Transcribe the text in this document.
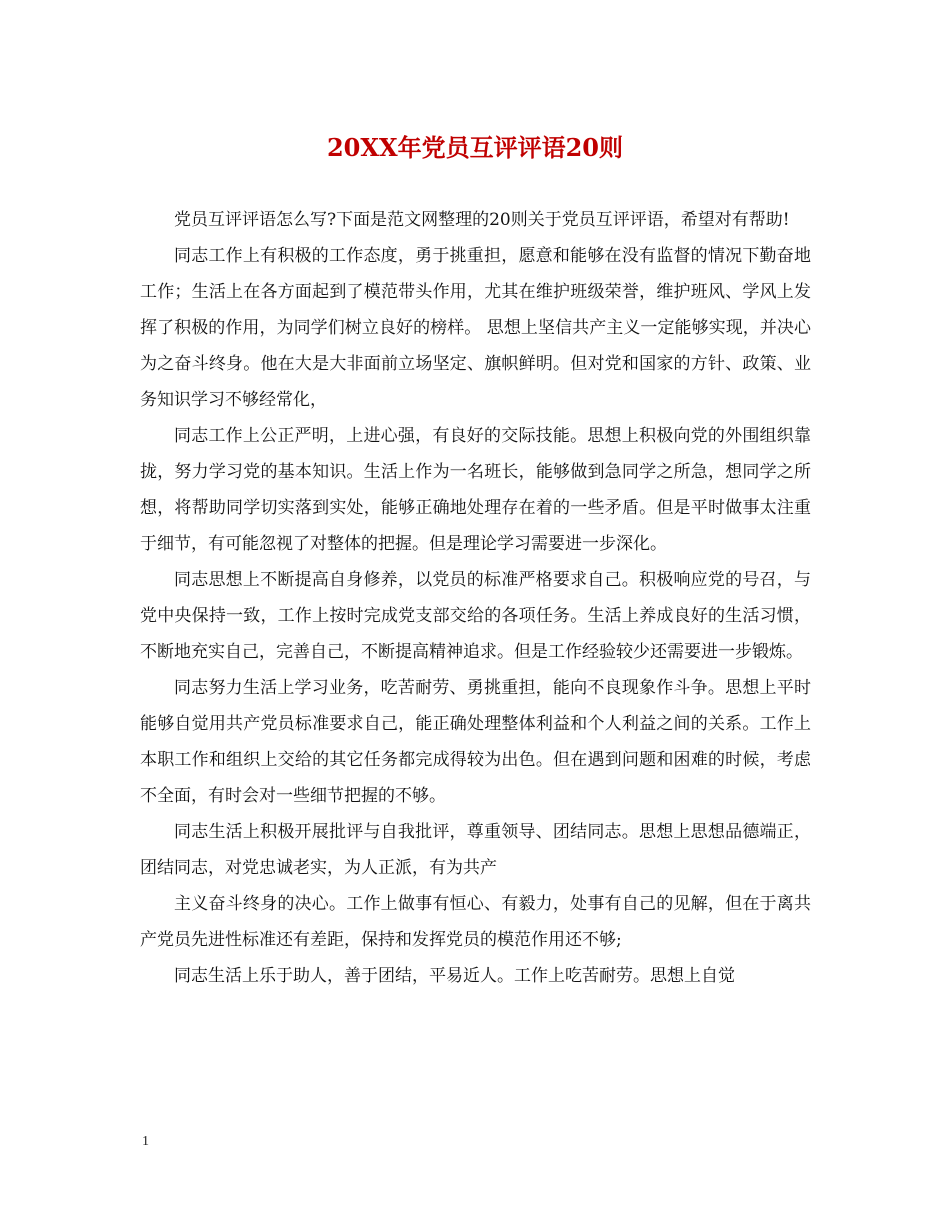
20XX年党员互评评语20则

党员互评评语怎么写?下面是范文网整理的20则关于党员互评评语，希望对有帮助!

同志工作上有积极的工作态度，勇于挑重担，愿意和能够在没有监督的情况下勤奋地工作；生活上在各方面起到了模范带头作用，尤其在维护班级荣誉，维护班风、学风上发挥了积极的作用，为同学们树立良好的榜样。 思想上坚信共产主义一定能够实现，并决心为之奋斗终身。他在大是大非面前立场坚定、旗帜鲜明。但对党和国家的方针、政策、业务知识学习不够经常化，

同志工作上公正严明，上进心强，有良好的交际技能。思想上积极向党的外围组织靠拢，努力学习党的基本知识。生活上作为一名班长，能够做到急同学之所急，想同学之所想，将帮助同学切实落到实处，能够正确地处理存在着的一些矛盾。但是平时做事太注重于细节，有可能忽视了对整体的把握。但是理论学习需要进一步深化。

同志思想上不断提高自身修养，以党员的标准严格要求自己。积极响应党的号召，与党中央保持一致，工作上按时完成党支部交给的各项任务。生活上养成良好的生活习惯，不断地充实自己，完善自己，不断提高精神追求。但是工作经验较少还需要进一步锻炼。

同志努力生活上学习业务，吃苦耐劳、勇挑重担，能向不良现象作斗争。思想上平时能够自觉用共产党员标准要求自己，能正确处理整体利益和个人利益之间的关系。工作上本职工作和组织上交给的其它任务都完成得较为出色。但在遇到问题和困难的时候，考虑不全面，有时会对一些细节把握的不够。

同志生活上积极开展批评与自我批评，尊重领导、团结同志。思想上思想品德端正，团结同志，对党忠诚老实，为人正派，有为共产

主义奋斗终身的决心。工作上做事有恒心、有毅力，处事有自己的见解，但在于离共产党员先进性标准还有差距，保持和发挥党员的模范作用还不够;

同志生活上乐于助人，善于团结，平易近人。工作上吃苦耐劳。思想上自觉

1
